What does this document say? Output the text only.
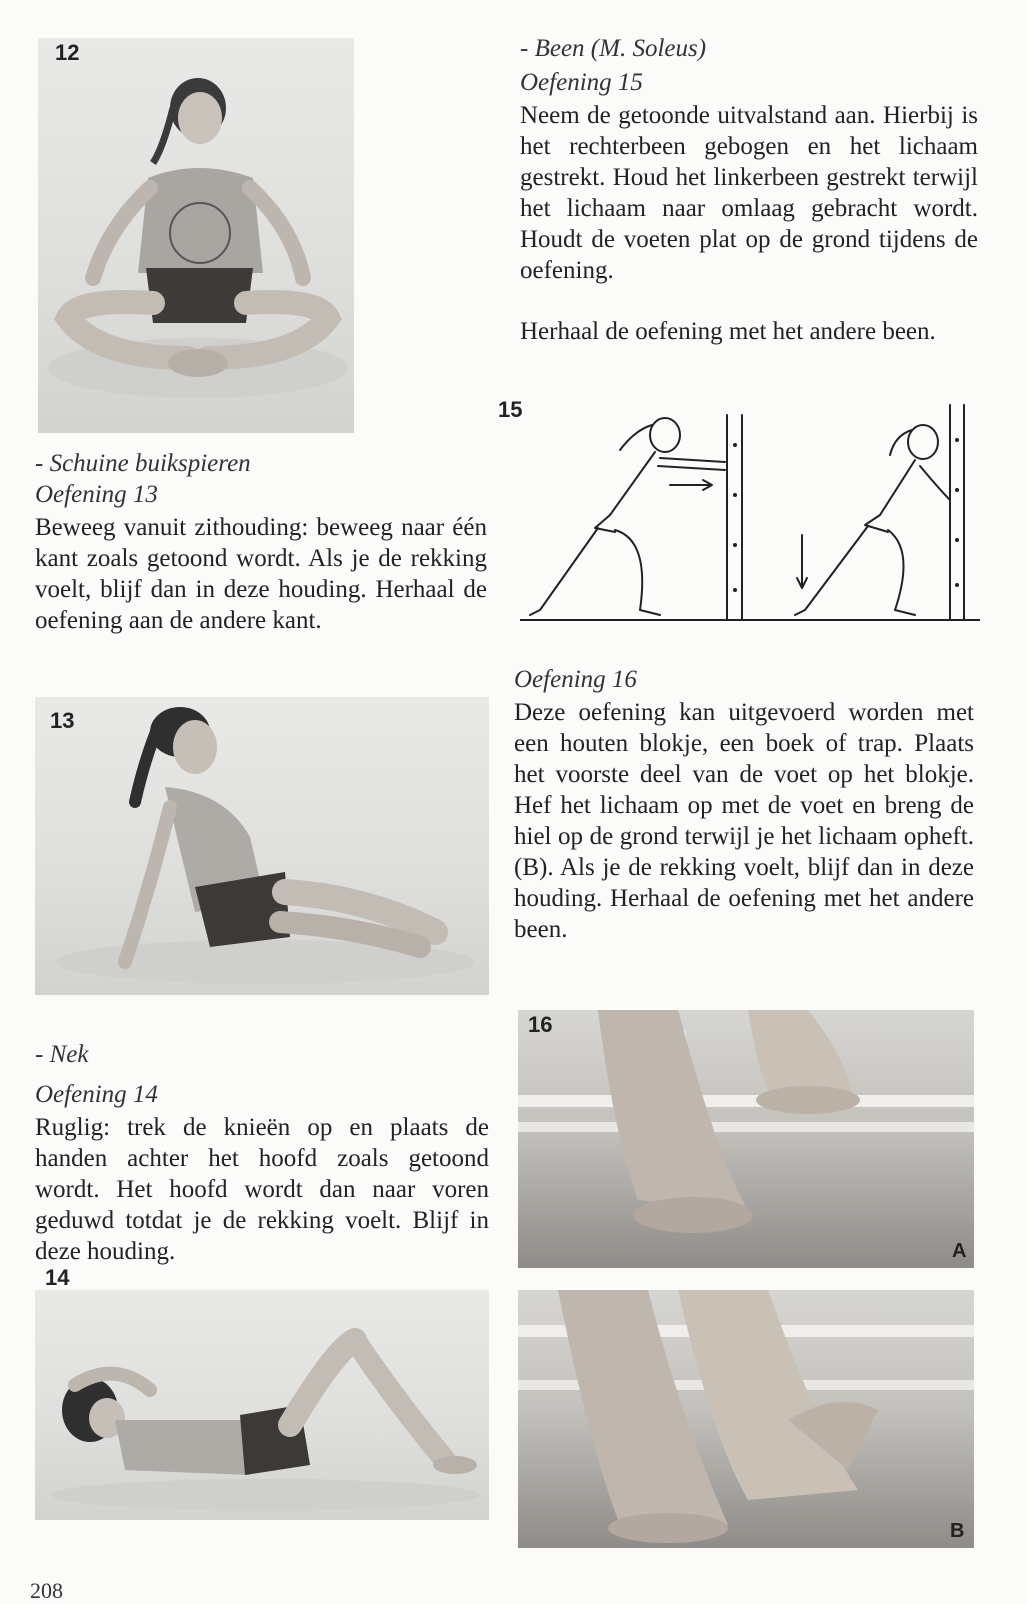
12
- Schuine buikspieren
Oefening 13
Beweeg vanuit zithouding: beweeg naar één kant zoals getoond wordt. Als je de rekking voelt, blijf dan in deze houding. Herhaal de oefening aan de andere kant.
13
- Nek
Oefening 14
Ruglig: trek de knieën op en plaats de handen achter het hoofd zoals getoond wordt. Het hoofd wordt dan naar voren geduwd totdat je de rekking voelt. Blijf in deze houding.
14
- Been (M. Soleus)
Oefening 15
Neem de getoonde uitvalstand aan. Hierbij is het rechterbeen gebogen en het lichaam gestrekt. Houd het linkerbeen gestrekt terwijl het lichaam naar omlaag gebracht wordt. Houdt de voeten plat op de grond tijdens de oefening.
Herhaal de oefening met het andere been.
15
Oefening 16
Deze oefening kan uitgevoerd worden met een houten blokje, een boek of trap. Plaats het voorste deel van de voet op het blokje. Hef het lichaam op met de voet en breng de hiel op de grond terwijl je het lichaam opheft. (B). Als je de rekking voelt, blijf dan in deze houding. Herhaal de oefening met het andere been.
16
A
B
208
